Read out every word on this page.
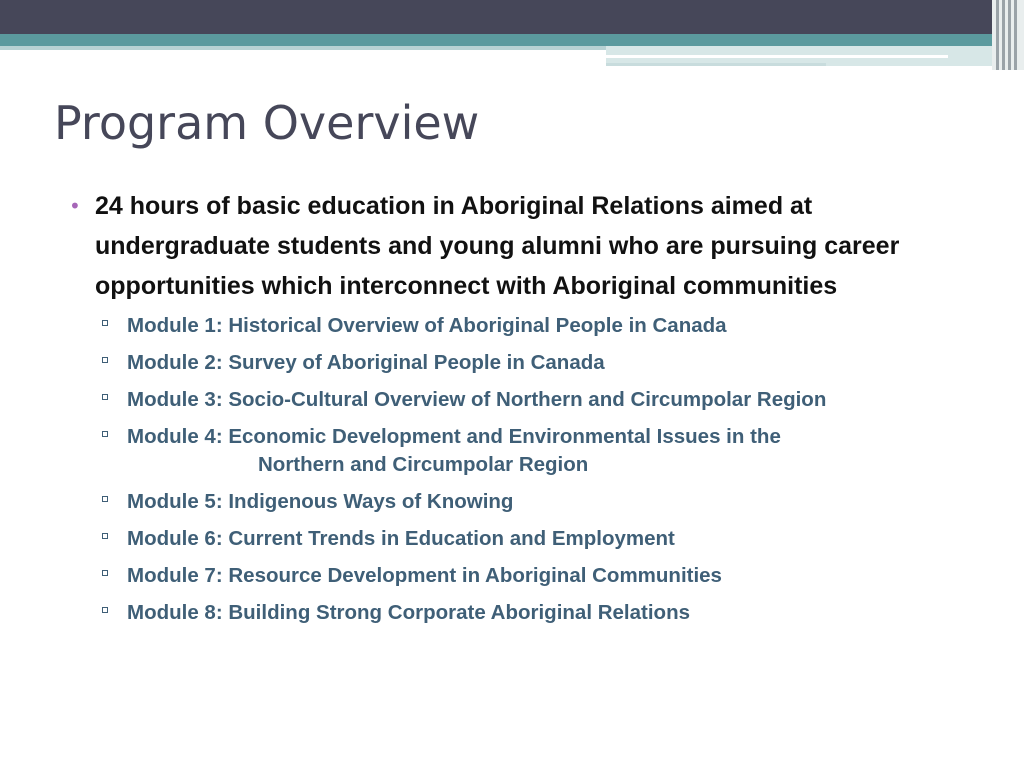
Program Overview
• 24 hours of basic education in Aboriginal Relations aimed at undergraduate students and young alumni who are pursuing career opportunities which interconnect with Aboriginal communities

Module 1: Historical Overview of Aboriginal People in Canada
Module 2: Survey of Aboriginal People in Canada
Module 3: Socio-Cultural Overview of Northern and Circumpolar Region
Module 4: Economic Development and Environmental Issues in the
Northern and Circumpolar Region
Module 5: Indigenous Ways of Knowing
Module 6: Current Trends in Education and Employment
Module 7: Resource Development in Aboriginal Communities
Module 8: Building Strong Corporate Aboriginal Relations
